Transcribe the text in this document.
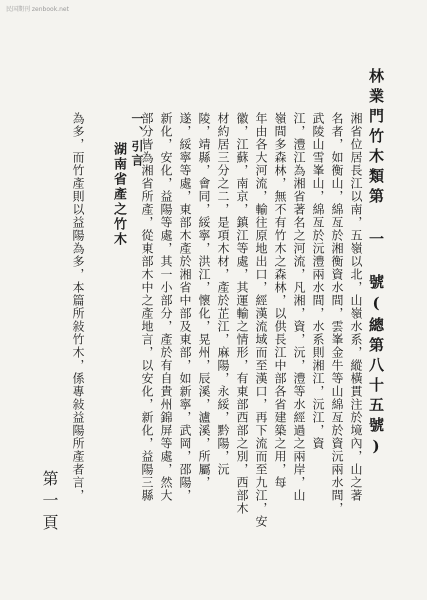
民国期刊 zenbook.net
林業門竹木類第 一 號(總第八十五號)
湘省位居長江以南，五嶺以北，山嶺水系，縱橫貫注於境內，山之著
名者，如衡山，綿亙於湘衡資水間，雲峯金牛等山綿亙於資沅兩水間，
武陵山雪峯山，綿亙於沅澧兩水間，水系則湘江，沅江，資
江，澧江為湘省著名之河流，凡湘，資，沅，澧等水經過之兩岸，山
嶺間多森林，無不有竹木之森林，以供長江中部各省建築之用，每
年由各大河流，輸往原地出口，經漢流域而至漢口，再下流而至九江，安
徽，江蘇，南京，鎮江等處，其運輸之情形，有東部西部之別，西部木
材約居三分之二，是項木材，產於芷江，麻陽，永綏，黔陽，沅
陵，靖縣，會同，綏寧，洪江，懷化，晃州，辰溪，瀘溪，所屬，
遂，綏寧等處，東部木產於湘省中部及東部，如新寧，武岡，邵陽，
新化，安化，益陽等處，其一小部分，產於有自貴州錦屏等處，然大
部分皆為湘省所產，從東部木中之產地言，以安化，新化，益陽三縣
為多，而竹產則以益陽為多，本篇所敍竹木，係專敍益陽所產者言，	一、引言
湖南省產之竹木
第一頁
